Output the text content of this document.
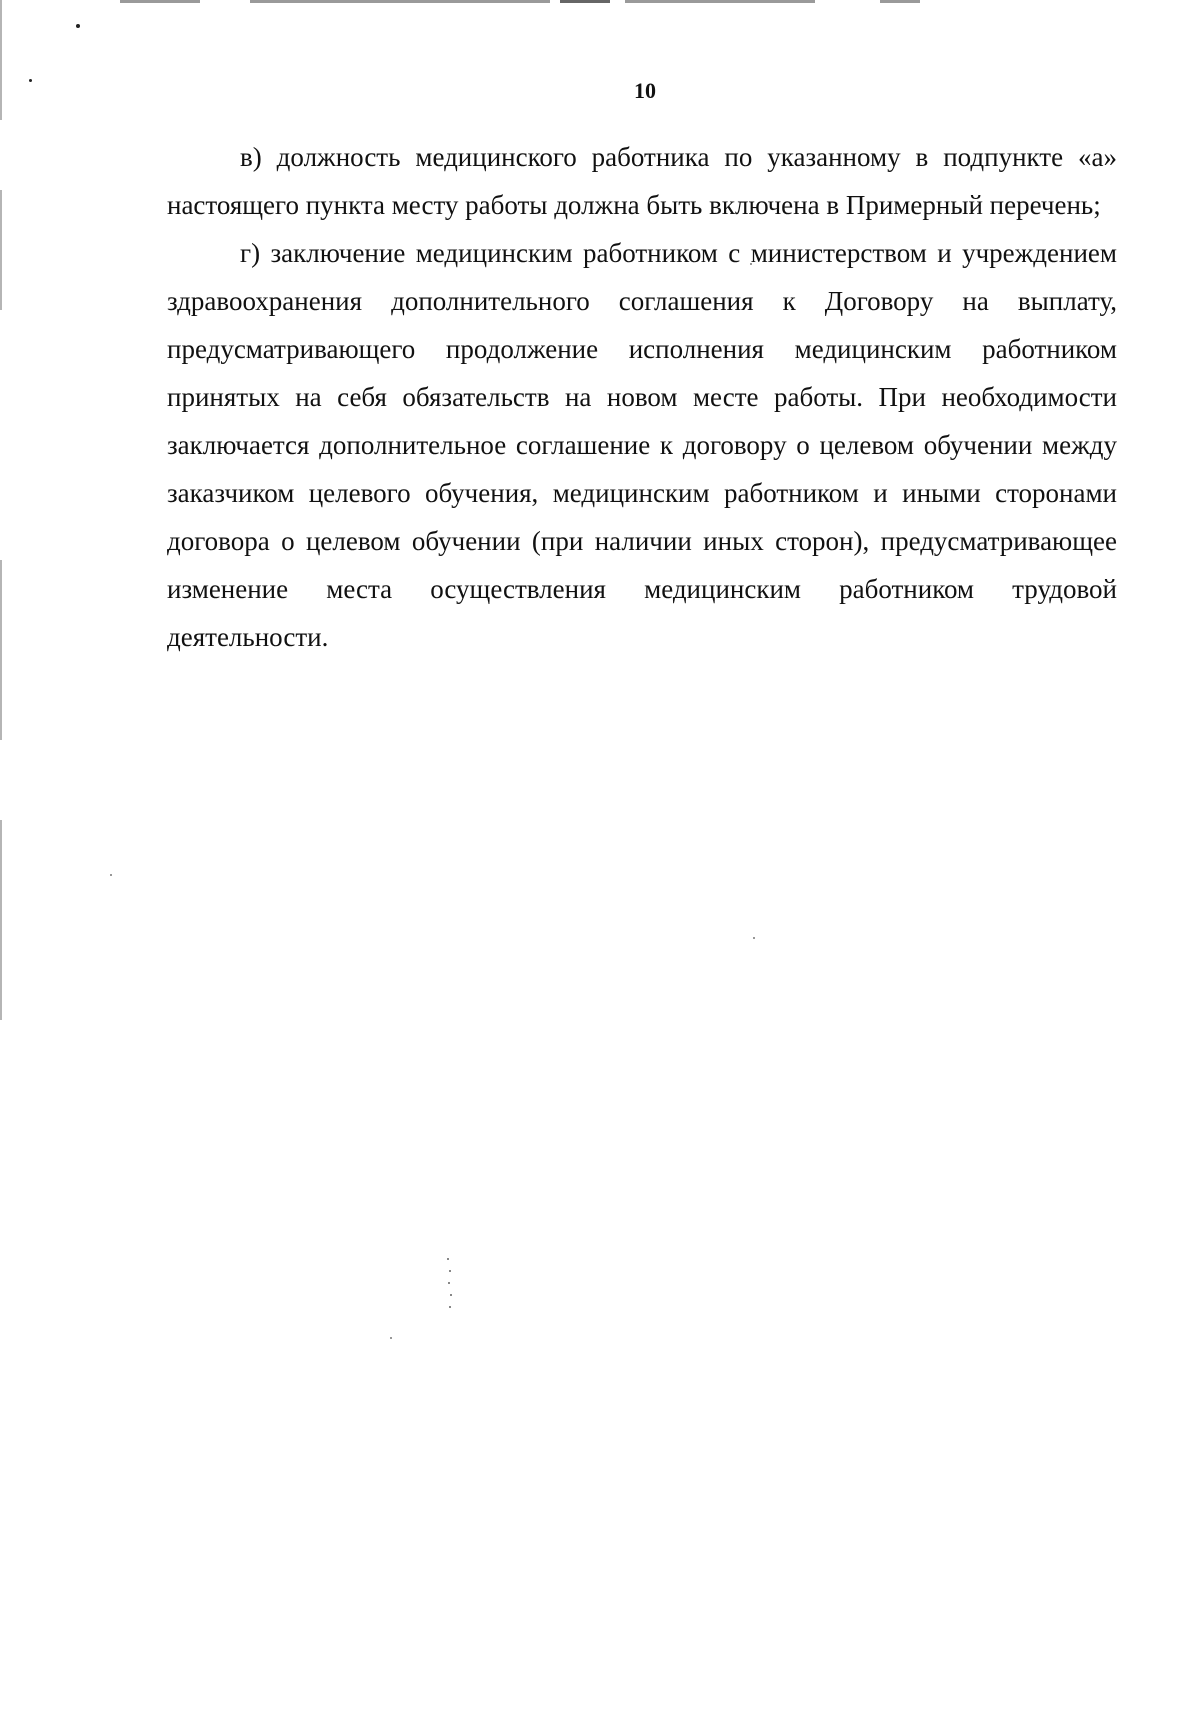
10

в) должность медицинского работника по указанному в подпункте «а» настоящего пункта месту работы должна быть включена в Примерный перечень;

г) заключение медицинским работником с министерством и учреждением здравоохранения дополнительного соглашения к Договору на выплату, предусматривающего продолжение исполнения медицинским работником принятых на себя обязательств на новом месте работы. При необходимости заключается дополнительное соглашение к договору о целевом обучении между заказчиком целевого обучения, медицинским работником и иными сторонами договора о целевом обучении (при наличии иных сторон), предусматривающее изменение места осуществления медицинским работником трудовой деятельности.
